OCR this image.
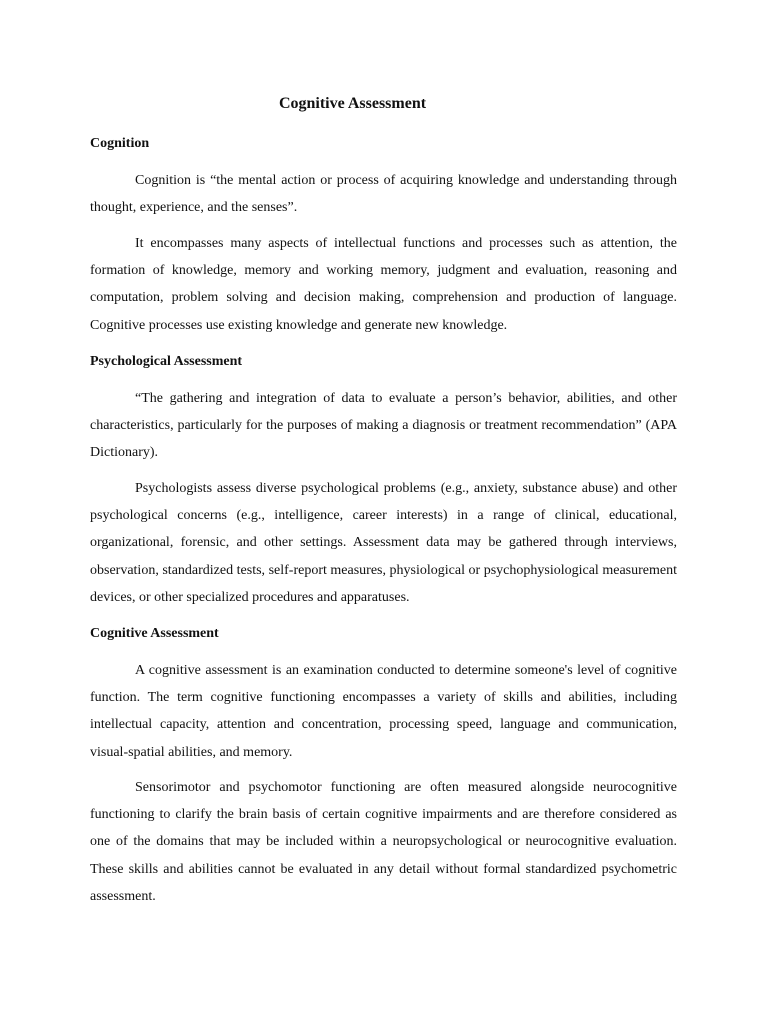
Cognitive Assessment
Cognition

Cognition is “the mental action or process of acquiring knowledge and understanding through thought, experience, and the senses”.

It encompasses many aspects of intellectual functions and processes such as attention, the formation of knowledge, memory and working memory, judgment and evaluation, reasoning and computation, problem solving and decision making, comprehension and production of language. Cognitive processes use existing knowledge and generate new knowledge.

Psychological Assessment

“The gathering and integration of data to evaluate a person’s behavior, abilities, and other characteristics, particularly for the purposes of making a diagnosis or treatment recommendation” (APA Dictionary).

Psychologists assess diverse psychological problems (e.g., anxiety, substance abuse) and other psychological concerns (e.g., intelligence, career interests) in a range of clinical, educational, organizational, forensic, and other settings. Assessment data may be gathered through interviews, observation, standardized tests, self-report measures, physiological or psychophysiological measurement devices, or other specialized procedures and apparatuses.

Cognitive Assessment

A cognitive assessment is an examination conducted to determine someone's level of cognitive function. The term cognitive functioning encompasses a variety of skills and abilities, including intellectual capacity, attention and concentration, processing speed, language and communication, visual-spatial abilities, and memory.

Sensorimotor and psychomotor functioning are often measured alongside neurocognitive functioning to clarify the brain basis of certain cognitive impairments and are therefore considered as one of the domains that may be included within a neuropsychological or neurocognitive evaluation. These skills and abilities cannot be evaluated in any detail without formal standardized psychometric assessment.
